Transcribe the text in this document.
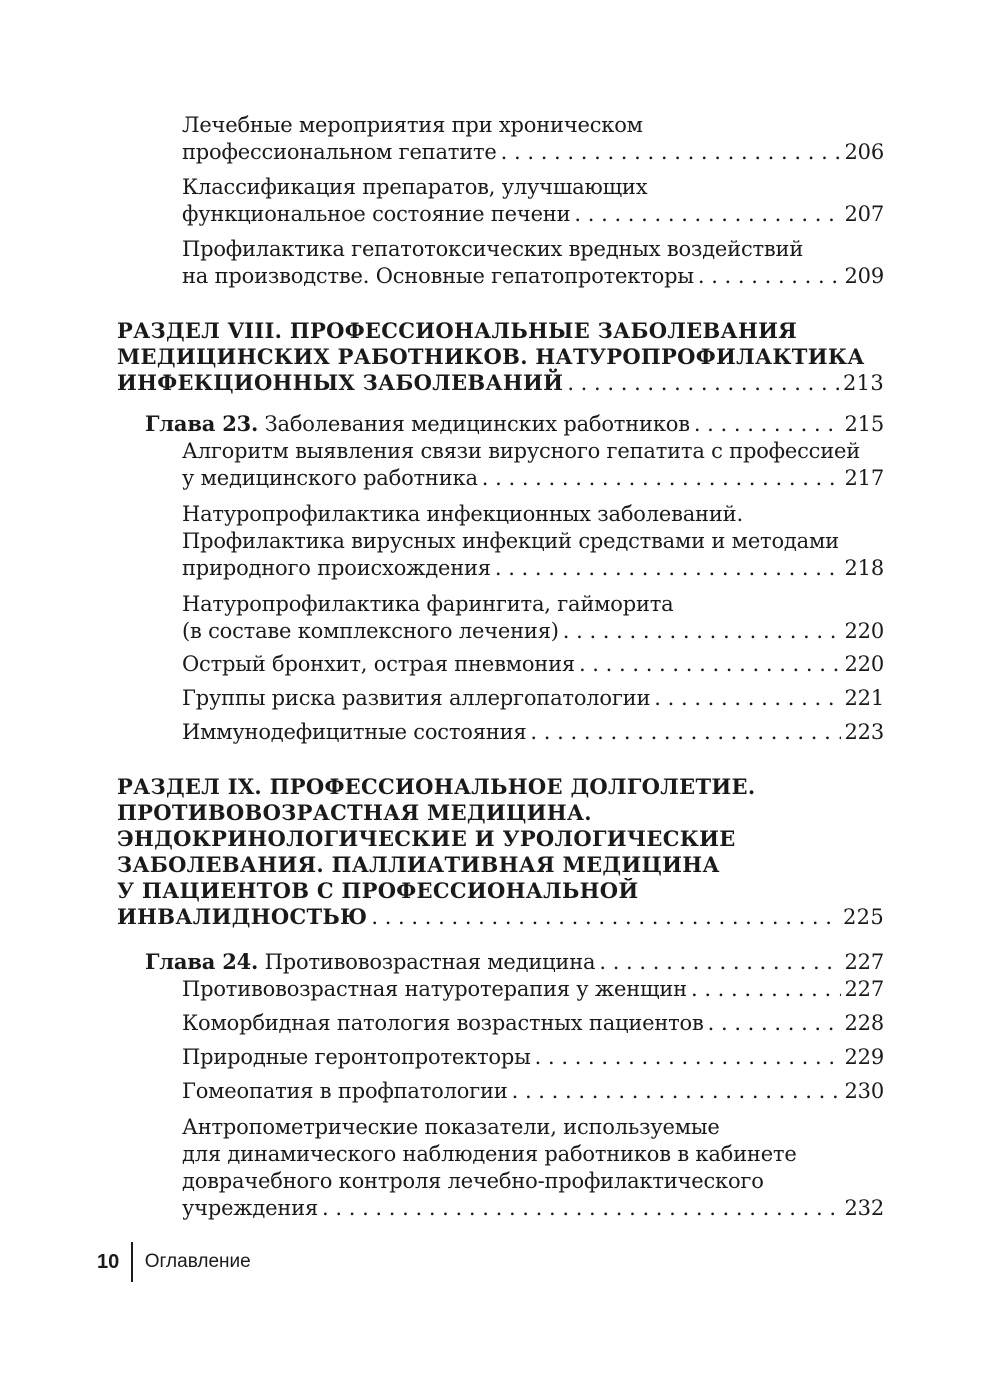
Лечебные мероприятия при хроническом
профессиональном гепатите . . .	206
Классификация препаратов, улучшающих
функциональное состояние печени . . .	207
Профилактика гепатотоксических вредных воздействий
на производстве. Основные гепатопротекторы . . .	209
РАЗДЕЛ VIII. ПРОФЕССИОНАЛЬНЫЕ ЗАБОЛЕВАНИЯ
МЕДИЦИНСКИХ РАБОТНИКОВ. НАТУРОПРОФИЛАКТИКА
ИНФЕКЦИОННЫХ ЗАБОЛЕВАНИЙ . . .	213
Глава 23. Заболевания медицинских работников . . .	215
Алгоритм выявления связи вирусного гепатита с профессией
у медицинского работника . . .	217
Натуропрофилактика инфекционных заболеваний.
Профилактика вирусных инфекций средствами и методами
природного происхождения . . .	218
Натуропрофилактика фарингита, гайморита
(в составе комплексного лечения) . . .	220
Острый бронхит, острая пневмония . . .	220
Группы риска развития аллергопатологии . . .	221
Иммунодефицитные состояния . . .	223
РАЗДЕЛ IX. ПРОФЕССИОНАЛЬНОЕ ДОЛГОЛЕТИЕ.
ПРОТИВОВОЗРАСТНАЯ МЕДИЦИНА.
ЭНДОКРИНОЛОГИЧЕСКИЕ И УРОЛОГИЧЕСКИЕ
ЗАБОЛЕВАНИЯ. ПАЛЛИАТИВНАЯ МЕДИЦИНА
У ПАЦИЕНТОВ С ПРОФЕССИОНАЛЬНОЙ
ИНВАЛИДНОСТЬЮ . . .	225
Глава 24. Противовозрастная медицина . . .	227
Противовозрастная натуротерапия у женщин . . .	227
Коморбидная патология возрастных пациентов . . .	228
Природные геронтопротекторы . . .	229
Гомеопатия в профпатологии . . .	230
Антропометрические показатели, используемые
для динамического наблюдения работников в кабинете
доврачебного контроля лечебно-профилактического
учреждения . . .	232
10 Оглавление
